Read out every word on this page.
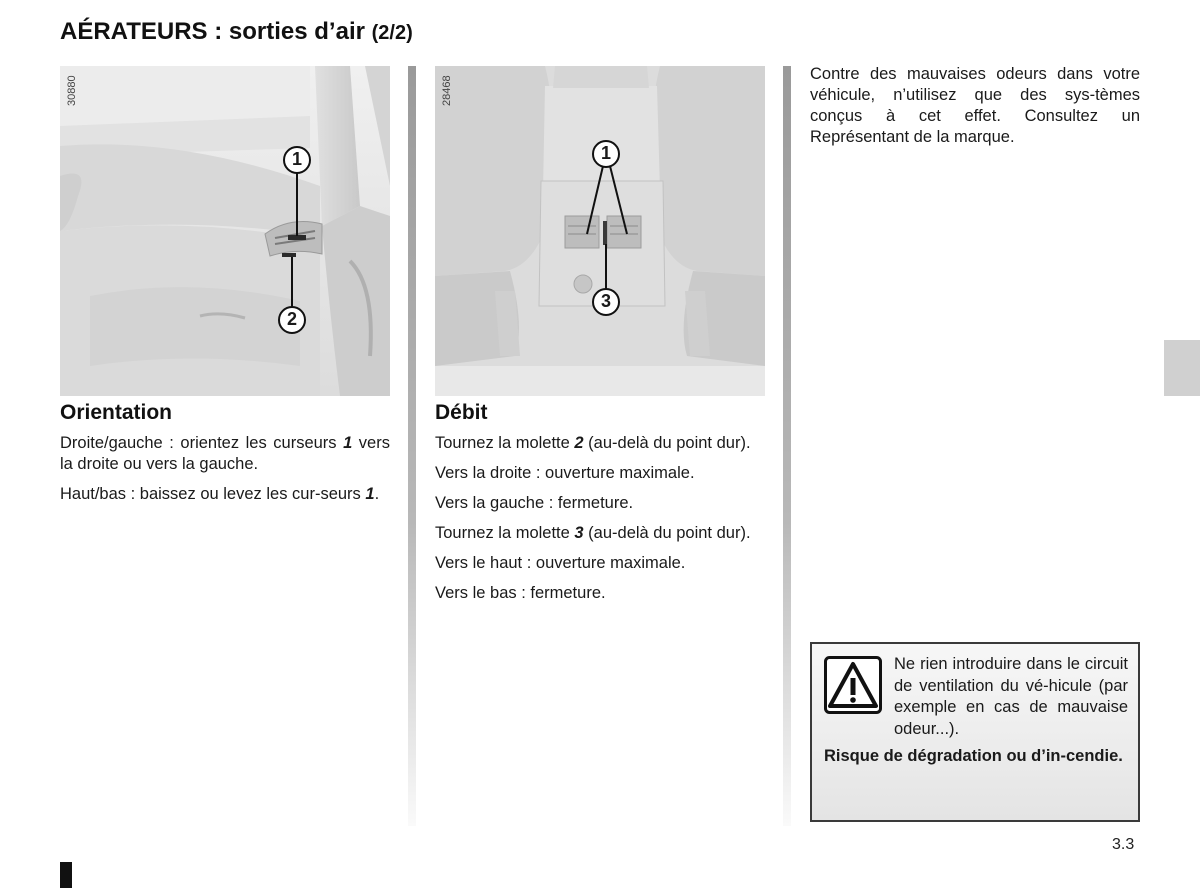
AÉRATEURS : sorties d’air (2/2)
1
2
30880
1
3
28468
Orientation

Droite/gauche : orientez les curseurs 1 vers la droite ou vers la gauche.

Haut/bas : baissez ou levez les cur-seurs 1.

Débit

Tournez la molette 2 (au-delà du point dur).

Vers la droite : ouverture maximale.

Vers la gauche : fermeture.

Tournez la molette 3 (au-delà du point dur).

Vers le haut : ouverture maximale.

Vers le bas : fermeture.

Contre des mauvaises odeurs dans votre véhicule, n’utilisez que des sys-tèmes conçus à cet effet. Consultez un Représentant de la marque.

Ne rien introduire dans le circuit de ventilation du vé-hicule (par exemple en cas de mauvaise odeur...).
Risque de dégradation ou d’in-cendie.
3.3
